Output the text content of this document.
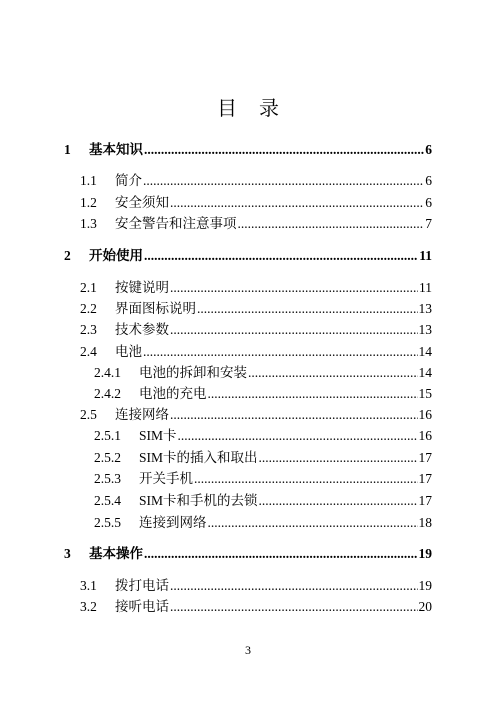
目 录
1	基本知识 .....	6
1.1	简介 .....	6
1.2	安全须知 .....	6
1.3	安全警告和注意事项 .....	7
2	开始使用 .....	11
2.1	按键说明 .....	11
2.2	界面图标说明 .....	13
2.3	技术参数 .....	13
2.4	电池 .....	14
2.4.1	电池的拆卸和安装 .....	14
2.4.2	电池的充电 .....	15
2.5	连接网络 .....	16
2.5.1	SIM卡 .....	16
2.5.2	SIM卡的插入和取出 .....	17
2.5.3	开关手机 .....	17
2.5.4	SIM卡和手机的去锁 .....	17
2.5.5	连接到网络 .....	18
3	基本操作 .....	19
3.1	拨打电话 .....	19
3.2	接听电话 .....	20
3
